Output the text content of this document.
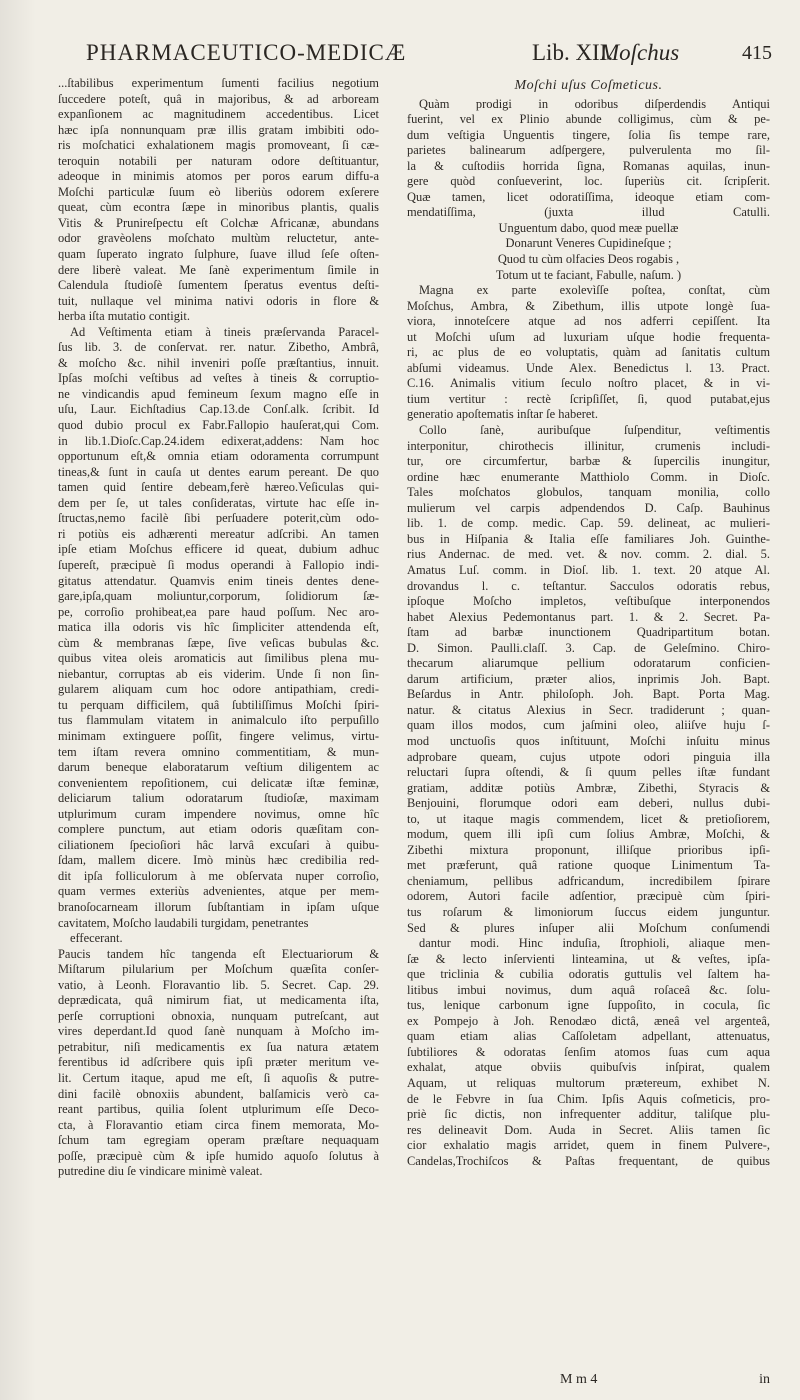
PHARMACEUTICO-MEDICÆ	Lib. XII.
Moſchus	415
...ſtabilibus experimentum ſumenti facilius negotium
ſuccedere poteſt, quâ in majoribus, & ad arboream
expanſionem ac magnitudinem accedentibus. Licet
hæc ipſa nonnunquam præ illis gratam imbibiti odo-
ris moſchatici exhalationem magis promoveant, ſi cæ-
teroquin notabili per naturam odore deſtituantur,
adeoque in minimis atomos per poros earum diffu-a
Moſchi particulæ ſuum eò liberiùs odorem exſerere
queat, cùm econtra ſæpe in minoribus plantis, qualis
Vitis & Prunireſpectu eſt Colchæ Africanæ, abundans
odor gravèolens moſchato multùm reluctetur, ante-
quam ſuperato ingrato ſulphure, ſuave illud ſeſe oſten-
dere liberè valeat. Me ſanè experimentum ſimile in
Calendula ſtudioſè ſumentem ſperatus eventus deſti-
tuit, nullaque vel minima nativi odoris in flore &
herba iſta mutatio contigit.
Ad Veſtimenta etiam à tineis præſervanda Paracel-
ſus lib. 3. de conſervat. rer. natur. Zibetho, Ambrâ,
& moſcho &c. nihil inveniri poſſe præſtantius, innuit.
Ipſas moſchi veſtibus ad veſtes à tineis & corruptio-
ne vindicandis apud femineum ſexum magno eſſe in
uſu, Laur. Eichſtadius Cap.13.de Conſ.alk. ſcribit. Id
quod dubio procul ex Fabr.Fallopio hauſerat,qui Com.
in lib.1.Dioſc.Cap.24.idem edixerat,addens: Nam hoc
opportunum eſt,& omnia etiam odoramenta corrumpunt
tineas,& ſunt in cauſa ut dentes earum pereant. De quo
tamen quid ſentire debeam,ferè hæreo.Veſiculas qui-
dem per ſe, ut tales conſideratas, virtute hac eſſe in-
ſtructas,nemo facilè ſibi perſuadere poterit,cùm odo-
ri potiùs eis adhærenti mereatur adſcribi. An tamen
ipſe etiam Moſchus efficere id queat, dubium adhuc
ſupereſt, præcipuè ſi modus operandi à Fallopio indi-
gitatus attendatur. Quamvis enim tineis dentes dene-
gare,ipſa,quam moliuntur,corporum, ſolidiorum ſæ-
pe, corroſio prohibeat,ea pare haud poſſum. Nec aro-
matica illa odoris vis hîc ſimpliciter attendenda eſt,
cùm & membranas ſæpe, ſive veſicas bubulas &c.
quibus vitea oleis aromaticis aut ſimilibus plena mu-
niebantur, corruptas ab eis viderim. Unde ſi non ſin-
gularem aliquam cum hoc odore antipathiam, credi-
tu perquam difficilem, quâ ſubtiliſſimus Moſchi ſpiri-
tus flammulam vitatem in animalculo iſto perpuſillo
minimam extinguere poſſit, fingere velimus, virtu-
tem iſtam revera omnino commentitiam, & mun-
darum beneque elaboratarum veſtium diligentem ac
convenientem repoſitionem, cui delicatæ iſtæ feminæ,
deliciarum talium odoratarum ſtudioſæ, maximam
utplurimum curam impendere novimus, omne hîc
complere punctum, aut etiam odoris quæſitam con-
ciliationem ſpecioſiori hâc larvâ excuſari à quibu-
ſdam, mallem dicere. Imò minùs hæc credibilia red-
dit ipſa folliculorum à me obſervata nuper corroſio,
quam vermes exteriùs advenientes, atque per mem-
branoſocarneam illorum ſubſtantiam in ipſam uſque
cavitatem, Moſcho laudabili turgidam, penetrantes
effecerant.
Paucis tandem hîc tangenda eſt Electuariorum &
Miſtarum pilularium per Moſchum quæſita conſer-
vatio, à Leonh. Floravantio lib. 5. Secret. Cap. 29.
deprædicata, quâ nimirum fiat, ut medicamenta iſta,
perſe corruptioni obnoxia, nunquam putreſcant, aut
vires deperdant.Id quod ſanè nunquam à Moſcho im-
petrabitur, niſi medicamentis ex ſua natura ætatem
ferentibus id adſcribere quis ipſi præter meritum ve-
lit. Certum itaque, apud me eſt, ſi aquoſis & putre-
dini facilè obnoxiis abundent, balſamicis verò ca-
reant partibus, quilia ſolent utplurimum eſſe Deco-
cta, à Floravantio etiam circa finem memorata, Mo-
ſchum tam egregiam operam præſtare nequaquam
poſſe, præcipuè cùm & ipſe humido aquoſo ſolutus à
putredine diu ſe vindicare minimè valeat.
Moſchi uſus Coſmeticus.
Quàm prodigi in odoribus diſperdendis Antiqui
fuerint, vel ex Plinio abunde colligimus, cùm & pe-
dum veſtigia Unguentis tingere, ſolia ſis tempe rare,
parietes balinearum adſpergere, pulverulenta mo ſil-
la & cuſtodiis horrida ſigna, Romanas aquilas, inun-
gere quòd conſueverint, loc. ſuperiùs cit. ſcripſerit.
Quæ tamen, licet odoratiſſima, ideoque etiam com-
mendatiſſima, (juxta illud Catulli.
Unguentum dabo, quod meæ puellæ
Donarunt Veneres Cupidineſque ;
Quod tu cùm olfacies Deos rogabis ,
Totum ut te faciant, Fabulle, naſum. )
Magna ex parte exolevìſſe poſtea, conſtat, cùm
Moſchus, Ambra, & Zibethum, illis utpote longè ſua-
viora, innoteſcere atque ad nos adferri cepiſſent. Ita
ut Moſchi uſum ad luxuriam uſque hodie frequenta-
ri, ac plus de eo voluptatis, quàm ad ſanitatis cultum
abſumi videamus. Unde Alex. Benedictus l. 13. Pract.
C.16. Animalis vitium ſeculo noſtro placet, & in vi-
tium vertitur : rectè ſcripſiſſet, ſi, quod putabat,ejus
generatio apoſtematis inſtar ſe haberet.
Collo ſanè, auribuſque ſuſpenditur, veſtimentis
interponitur, chirothecis illinitur, crumenis includi-
tur, ore circumfertur, barbæ & ſupercilis inungitur,
ordine hæc enumerante Matthiolo Comm. in Dioſc.
Tales moſchatos globulos, tanquam monilia, collo
mulierum vel carpis adpendendos D. Caſp. Bauhinus
lib. 1. de comp. medic. Cap. 59. delineat, ac mulieri-
bus in Hiſpania & Italia eſſe familiares Joh. Guinthe-
rius Andernac. de med. vet. & nov. comm. 2. dial. 5.
Amatus Luſ. comm. in Dioſ. lib. 1. text. 20 atque Al.
drovandus l. c. teſtantur. Sacculos odoratis rebus,
ipſoque Moſcho impletos, veſtibuſque interponendos
habet Alexius Pedemontanus part. 1. & 2. Secret. Pa-
ſtam ad barbæ inunctionem Quadripartitum botan.
D. Simon. Paulli.claſſ. 3. Cap. de Geleſmino. Chiro-
thecarum aliarumque pellium odoratarum conficien-
darum artificium, præter alios, inprimis Joh. Bapt.
Beſardus in Antr. philoſoph. Joh. Bapt. Porta Mag.
natur. & citatus Alexius in Secr. tradiderunt ; quan-
quam illos modos, cum jaſmini oleo, aliiſve huju ſ-
mod unctuoſis quos inſtituunt, Moſchi inſuitu minus
adprobare queam, cujus utpote odori pinguia illa
reluctari ſupra oſtendi, & ſi quum pelles iſtæ fundant
gratiam, additæ potiùs Ambræ, Zibethi, Styracis &
Benjouini, florumque odori eam deberi, nullus dubi-
to, ut itaque magis commendem, licet & pretioſiorem,
modum, quem illi ipſi cum ſolius Ambræ, Moſchi, &
Zibethi mixtura proponunt, illiſque prioribus ipſi-
met præferunt, quâ ratione quoque Linimentum Ta-
cheniamum, pellibus adfricandum, incredibilem ſpirare
odorem, Autori facile adſentior, præcipuè cùm ſpiri-
tus roſarum & limoniorum ſuccus eidem junguntur.
Sed & plures inſuper alii Moſchum conſumendi
dantur modi. Hinc induſia, ſtrophioli, aliaque men-
ſæ & lecto inſervienti linteamina, ut & veſtes, ipſa-
que triclinia & cubilia odoratis guttulis vel ſaltem ha-
litibus imbui novimus, dum aquâ roſaceâ &c. ſolu-
tus, lenique carbonum igne ſuppoſito, in cocula, ſic
ex Pompejo à Joh. Renodæo dictâ, æneâ vel argenteâ,
quam etiam alias Caſſoletam adpellant, attenuatus,
ſubtiliores & odoratas ſenſim atomos ſuas cum aqua
exhalat, atque obviis quibuſvis inſpirat, qualem
Aquam, ut reliquas multorum prætereum, exhibet N.
de le Febvre in ſua Chim. Ipſis Aquis coſmeticis, pro-
priè ſic dictis, non infrequenter additur, taliſque plu-
res delineavit Dom. Auda in Secret. Aliis tamen ſic
cior exhalatio magis arridet, quem in finem Pulvere-,
Candelas,Trochiſcos & Paſtas frequentant, de quibus
M m 4	in
